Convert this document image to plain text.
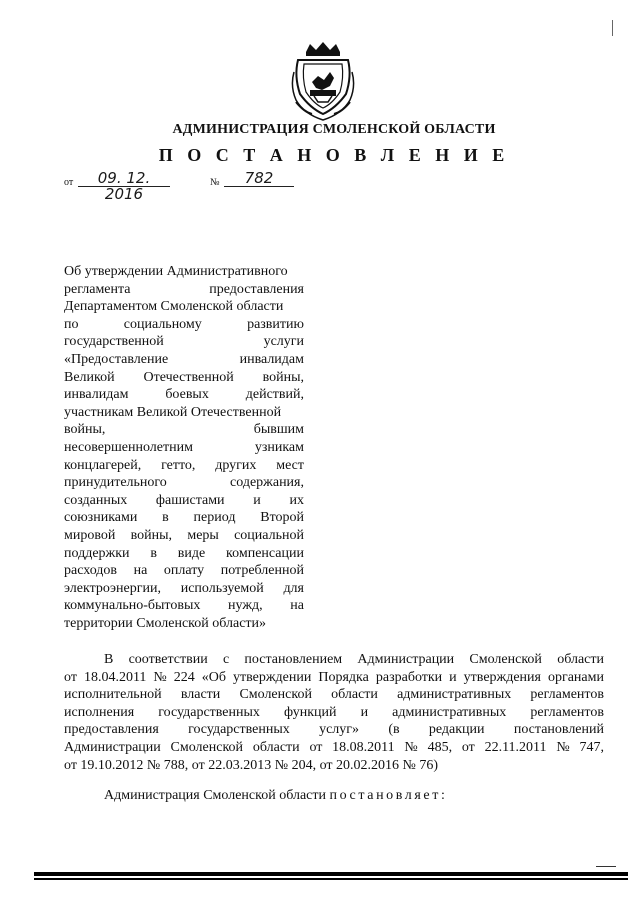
АДМИНИСТРАЦИЯ СМОЛЕНСКОЙ ОБЛАСТИ
П О С Т А Н О В Л Е Н И Е
от	09. 12. 2016
№	782
Об утверждении Административного
регламента	предоставления
Департаментом Смоленской области
по	социальному	развитию
государственной	услуги
«Предоставление	инвалидам
Великой Отечественной войны,
инвалидам	боевых	действий,
участникам Великой Отечественной
войны,	бывшим
несовершеннолетним	узникам
концлагерей, гетто, других мест
принудительного	содержания,
созданных фашистами и их
союзниками в период Второй
мировой войны, меры социальной
поддержки в виде компенсации
расходов на оплату потребленной
электроэнергии, используемой для
коммунально-бытовых нужд, на
территории Смоленской области»
В соответствии с постановлением Администрации Смоленской области
от 18.04.2011 № 224 «Об утверждении Порядка разработки и утверждения органами
исполнительной власти Смоленской области административных регламентов
исполнения государственных функций и административных регламентов
предоставления государственных услуг» (в редакции постановлений
Администрации Смоленской области от 18.08.2011 № 485, от 22.11.2011 № 747,
от 19.10.2012 № 788, от 22.03.2013 № 204, от 20.02.2016 № 76)
Администрация Смоленской области постановляет:
